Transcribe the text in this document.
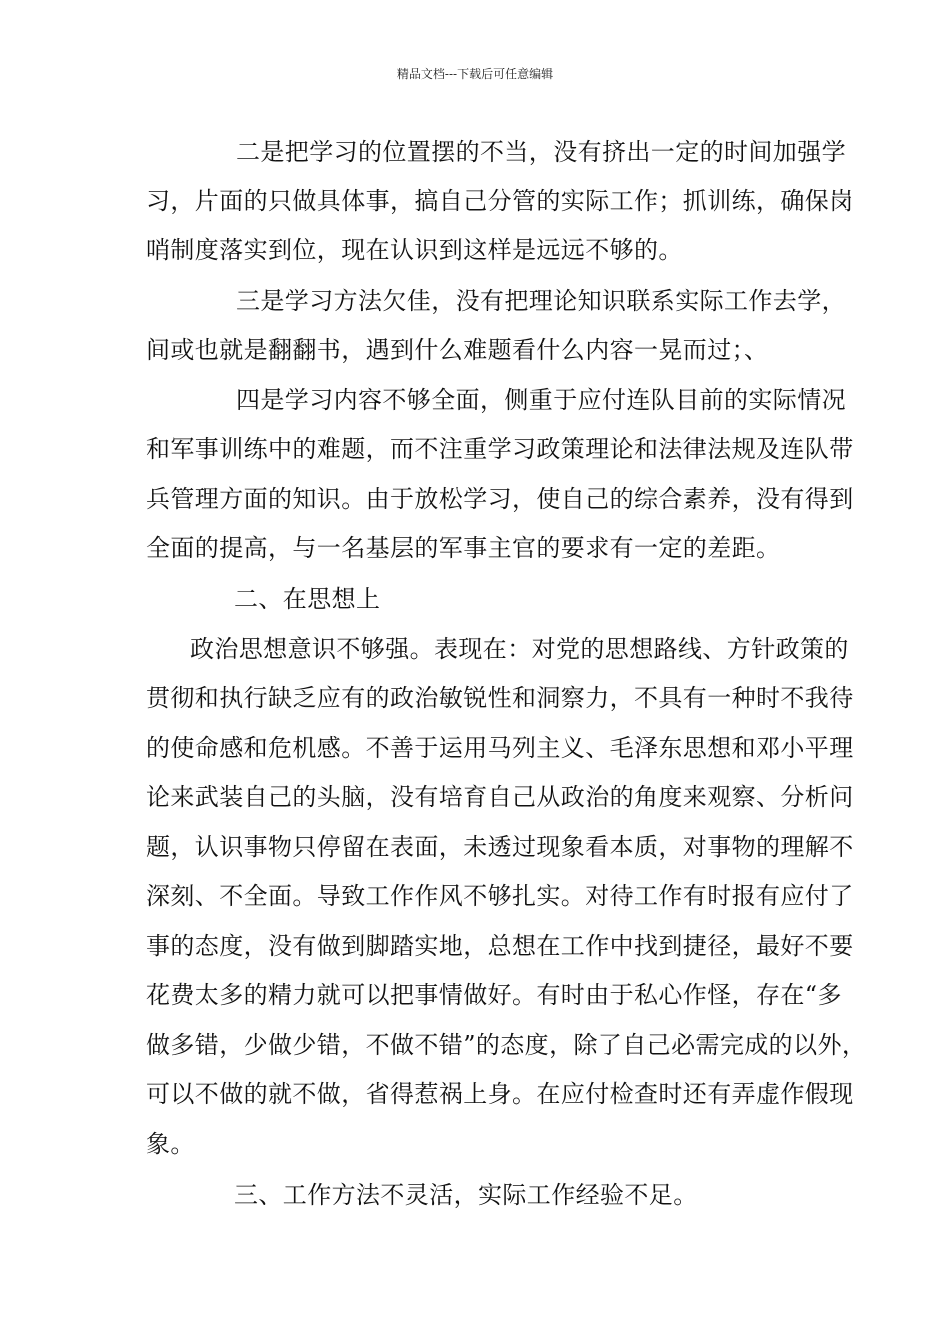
精品文档---下载后可任意编辑
二是把学习的位置摆的不当，没有挤出一定的时间加强学
习，片面的只做具体事，搞自己分管的实际工作；抓训练，确保岗
哨制度落实到位，现在认识到这样是远远不够的。
三是学习方法欠佳，没有把理论知识联系实际工作去学，
间或也就是翻翻书，遇到什么难题看什么内容一晃而过；、
四是学习内容不够全面，侧重于应付连队目前的实际情况
和军事训练中的难题，而不注重学习政策理论和法律法规及连队带
兵管理方面的知识。由于放松学习，使自己的综合素养，没有得到
全面的提高，与一名基层的军事主官的要求有一定的差距。
二、在思想上
政治思想意识不够强。表现在：对党的思想路线、方针政策的
贯彻和执行缺乏应有的政治敏锐性和洞察力，不具有一种时不我待
的使命感和危机感。不善于运用马列主义、毛泽东思想和邓小平理
论来武装自己的头脑，没有培育自己从政治的角度来观察、分析问
题，认识事物只停留在表面，未透过现象看本质，对事物的理解不
深刻、不全面。导致工作作风不够扎实。对待工作有时报有应付了
事的态度，没有做到脚踏实地，总想在工作中找到捷径，最好不要
花费太多的精力就可以把事情做好。有时由于私心作怪，存在“多
做多错，少做少错，不做不错”的态度，除了自己必需完成的以外，
可以不做的就不做，省得惹祸上身。在应付检查时还有弄虚作假现
象。
三、工作方法不灵活，实际工作经验不足。
